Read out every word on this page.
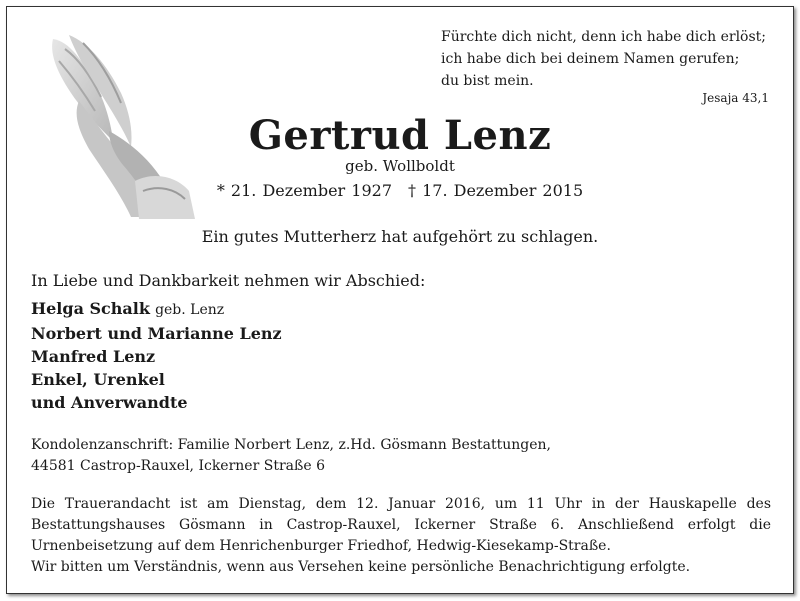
Fürchte dich nicht, denn ich habe dich erlöst;
ich habe dich bei deinem Namen gerufen;
du bist mein.
Jesaja 43,1
Gertrud Lenz
geb. Wollboldt
* 21. Dezember 1927 † 17. Dezember 2015
Ein gutes Mutterherz hat aufgehört zu schlagen.
In Liebe und Dankbarkeit nehmen wir Abschied:
Helga Schalk geb. Lenz
Norbert und Marianne Lenz
Manfred Lenz
Enkel, Urenkel
und Anverwandte
Kondolenzanschrift: Familie Norbert Lenz, z.Hd. Gösmann Bestattungen,
44581 Castrop-Rauxel, Ickerner Straße 6

Die Trauerandacht ist am Dienstag, dem 12. Januar 2016, um 11 Uhr in der Hauskapelle des Bestattungshauses Gösmann in Castrop-Rauxel, Ickerner Straße 6. Anschließend erfolgt die Urnenbeisetzung auf dem Henrichenburger Friedhof, Hedwig-Kiesekamp-Straße.

Wir bitten um Verständnis, wenn aus Versehen keine persönliche Benachrichtigung erfolgte.
